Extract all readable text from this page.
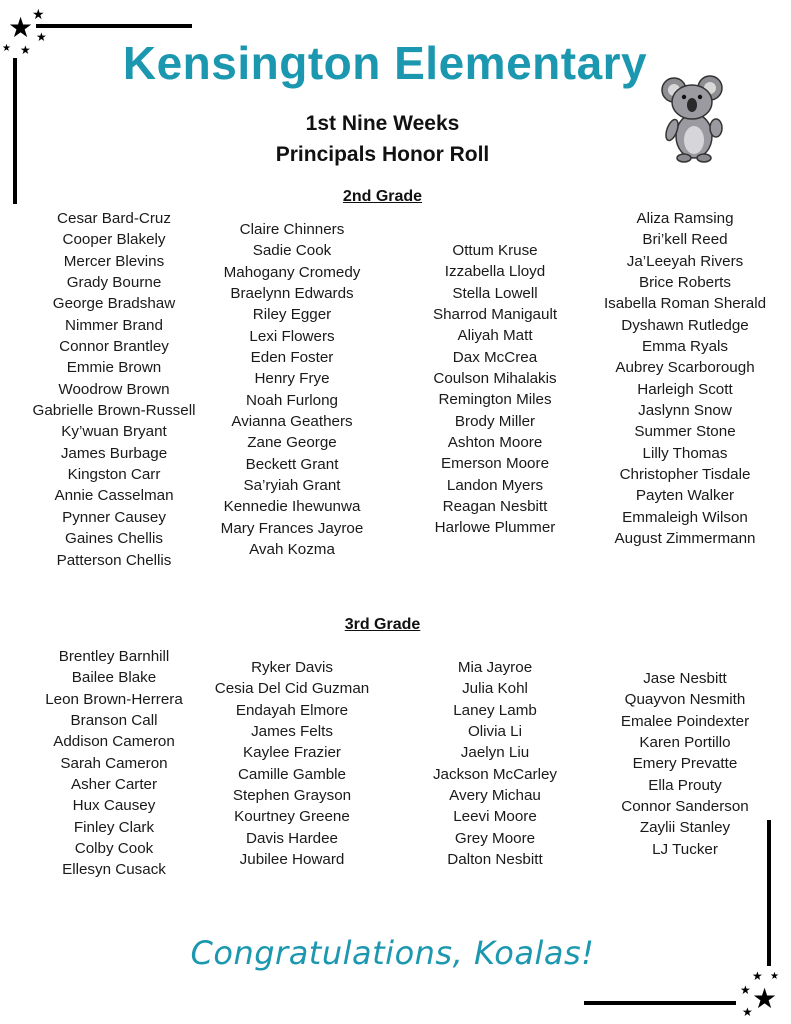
★
★
★
★ ★
★
★
★ ★
★
Kensington Elementary
1st Nine Weeks
Principals Honor Roll
2nd Grade
Cesar Bard-Cruz
Cooper Blakely
Mercer Blevins
Grady Bourne
George Bradshaw
Nimmer Brand
Connor Brantley
Emmie Brown
Woodrow Brown
Gabrielle Brown-Russell
Ky’wuan Bryant
James Burbage
Kingston Carr
Annie Casselman
Pynner Causey
Gaines Chellis
Patterson Chellis
Claire Chinners
Sadie Cook
Mahogany Cromedy
Braelynn Edwards
Riley Egger
Lexi Flowers
Eden Foster
Henry Frye
Noah Furlong
Avianna Geathers
Zane George
Beckett Grant
Sa’ryiah Grant
Kennedie Ihewunwa
Mary Frances Jayroe
Avah Kozma
Ottum Kruse
Izzabella Lloyd
Stella Lowell
Sharrod Manigault
Aliyah Matt
Dax McCrea
Coulson Mihalakis
Remington Miles
Brody Miller
Ashton Moore
Emerson Moore
Landon Myers
Reagan Nesbitt
Harlowe Plummer
Aliza Ramsing
Bri’kell Reed
Ja’Leeyah Rivers
Brice Roberts
Isabella Roman Sherald
Dyshawn Rutledge
Emma Ryals
Aubrey Scarborough
Harleigh Scott
Jaslynn Snow
Summer Stone
Lilly Thomas
Christopher Tisdale
Payten Walker
Emmaleigh Wilson
August Zimmermann
3rd Grade
Brentley Barnhill
Bailee Blake
Leon Brown-Herrera
Branson Call
Addison Cameron
Sarah Cameron
Asher Carter
Hux Causey
Finley Clark
Colby Cook
Ellesyn Cusack
Ryker Davis
Cesia Del Cid Guzman
Endayah Elmore
James Felts
Kaylee Frazier
Camille Gamble
Stephen Grayson
Kourtney Greene
Davis Hardee
Jubilee Howard
Mia Jayroe
Julia Kohl
Laney Lamb
Olivia Li
Jaelyn Liu
Jackson McCarley
Avery Michau
Leevi Moore
Grey Moore
Dalton Nesbitt
Jase Nesbitt
Quayvon Nesmith
Emalee Poindexter
Karen Portillo
Emery Prevatte
Ella Prouty
Connor Sanderson
Zaylii Stanley
LJ Tucker
Congratulations, Koalas!
